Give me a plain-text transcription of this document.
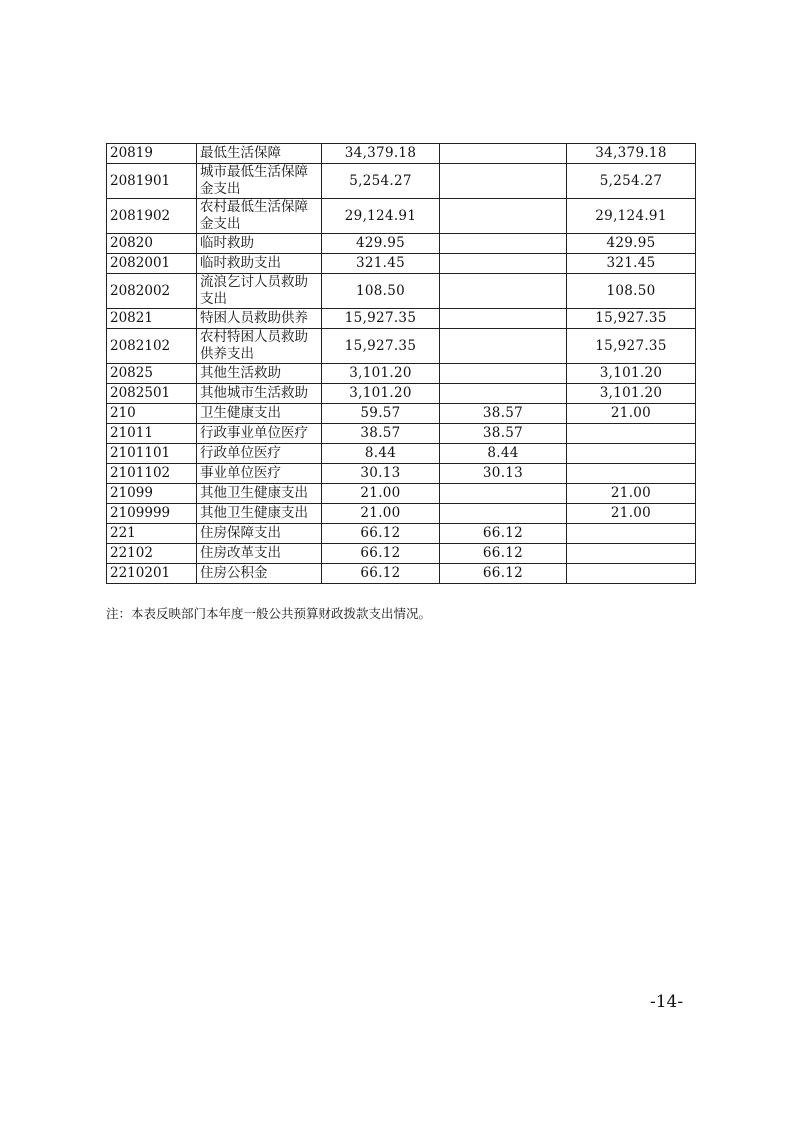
20819	最低生活保障	34,379.18		34,379.18
2081901	城市最低生活保障金支出	5,254.27		5,254.27
2081902	农村最低生活保障金支出	29,124.91		29,124.91
20820	临时救助	429.95		429.95
2082001	临时救助支出	321.45		321.45
2082002	流浪乞讨人员救助支出	108.50		108.50
20821	特困人员救助供养	15,927.35		15,927.35
2082102	农村特困人员救助供养支出	15,927.35		15,927.35
20825	其他生活救助	3,101.20		3,101.20
2082501	其他城市生活救助	3,101.20		3,101.20
210	卫生健康支出	59.57	38.57	21.00
21011	行政事业单位医疗	38.57	38.57	
2101101	行政单位医疗	8.44	8.44	
2101102	事业单位医疗	30.13	30.13	
21099	其他卫生健康支出	21.00		21.00
2109999	其他卫生健康支出	21.00		21.00
221	住房保障支出	66.12	66.12	
22102	住房改革支出	66.12	66.12	
2210201	住房公积金	66.12	66.12	
注：本表反映部门本年度一般公共预算财政拨款支出情况。
-14-
